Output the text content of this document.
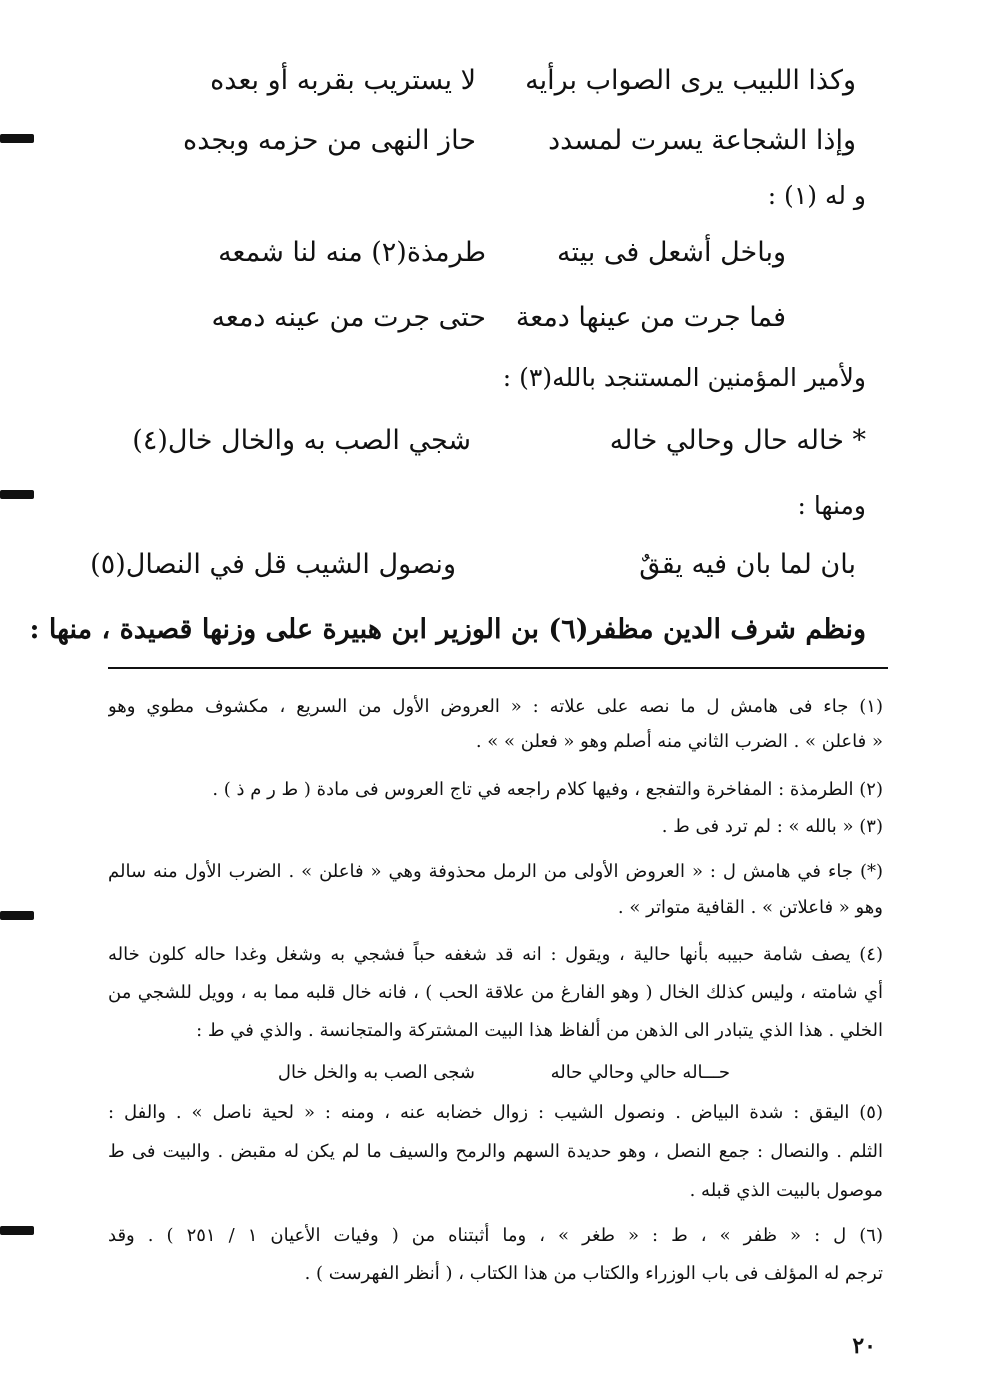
وكذا اللبيب يرى الصواب برأيه
لا يستريب بقربه أو بعده
وإذا الشجاعة يسرت لمسدد
حاز النهى من حزمه وبجده
و له (١) :
وباخل أشعل فى بيته
طرمذة(٢) منه لنا شمعه
فما جرت من عينها دمعة
حتى جرت من عينه دمعه
ولأمير المؤمنين المستنجد بالله(٣) :
* خاله حال وحالي خاله
شجي الصب به والخال خال(٤)
ومنها :
بان لما بان فيه يققٌ
ونصول الشيب قل في النصال(٥)
ونظم شرف الدين مظفر(٦) بن الوزير ابن هبيرة على وزنها قصيدة ، منها :
(١) جاء فى هامش ل ما نصه على علاته : « العروض الأول من السريع ، مكشوف مطوي وهو
« فاعلن » . الضرب الثاني منه أصلم وهو « فعلن » » .
(٢) الطرمذة : المفاخرة والتفجع ، وفيها كلام راجعه في تاج العروس فى مادة ( ط ر م ذ ) .
(٣) « بالله » : لم ترد فى ط .
(*) جاء في هامش ل : « العروض الأولى من الرمل محذوفة وهي « فاعلن » . الضرب الأول منه سالم
وهو « فاعلاتن » . القافية متواتر » .
(٤) يصف شامة حبيبه بأنها حالية ، ويقول : انه قد شغفه حباً فشجي به وشغل وغدا حاله كلون خاله
أي شامته ، وليس كذلك الخال ( وهو الفارغ من علاقة الحب ) ، فانه خال قلبه مما به ، وويل للشجي من
الخلي . هذا الذي يتبادر الى الذهن من ألفاظ هذا البيت المشتركة والمتجانسة . والذي في ط :
حـــاله حالي وحالي حاله
شجى الصب به والخل خال
(٥) اليقق : شدة البياض . ونصول الشيب : زوال خضابه عنه ، ومنه : « لحية ناصل » . والفل :
الثلم . والنصال : جمع النصل ، وهو حديدة السهم والرمح والسيف ما لم يكن له مقبض . والبيت فى ط
موصول بالبيت الذي قبله .
(٦) ل : « ظفر » ، ط : « طغر » ، وما أثبتناه من ( وفيات الأعيان ١ / ٢٥١ ) . وقد
ترجم له المؤلف فى باب الوزراء والكتاب من هذا الكتاب ، ( أنظر الفهرست ) .
٢٠
